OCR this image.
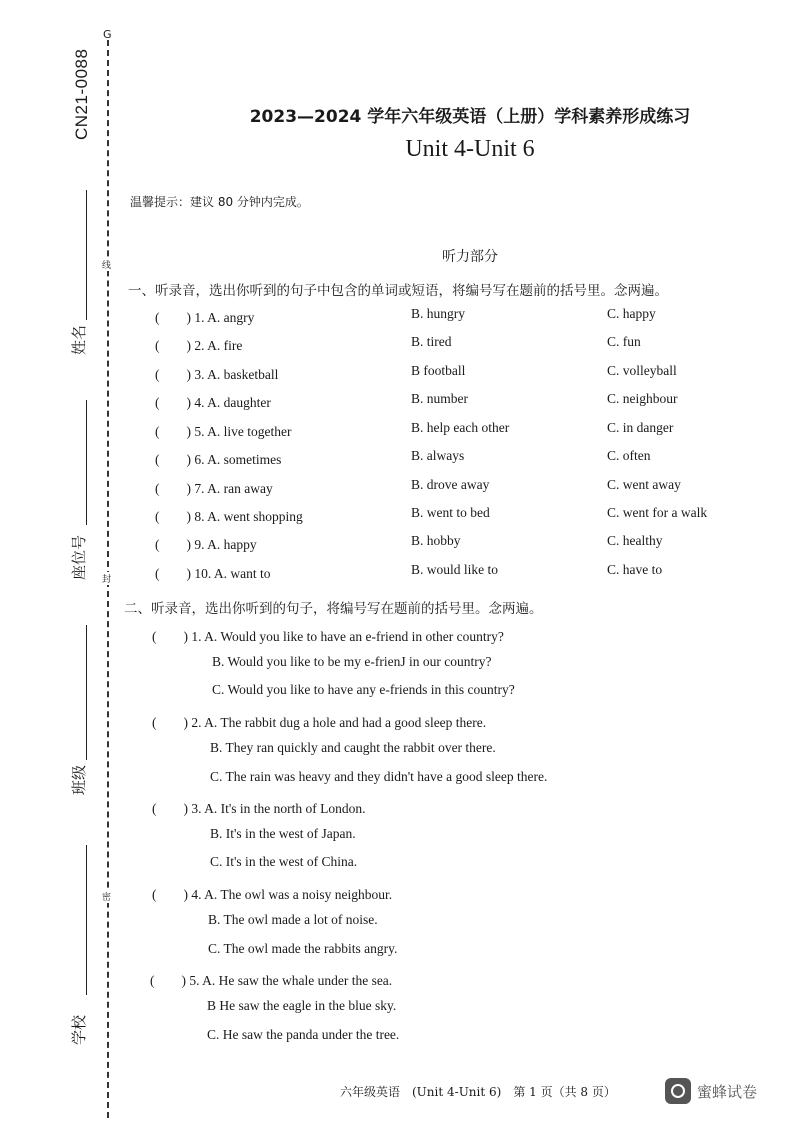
CN21-0088
G
线
封
密
姓名
座位号
班级
学校
2023—2024 学年六年级英语（上册）学科素养形成练习
Unit 4-Unit 6
温馨提示：建议 80 分钟内完成。
听力部分
一、听录音，选出你听到的句子中包含的单词或短语，将编号写在题前的括号里。念两遍。
(　　) 1. A. angry	B. hungry	C. happy
(　　) 2. A. fire	B. tired	C. fun
(　　) 3. A. basketball	B football	C. volleyball
(　　) 4. A. daughter	B. number	C. neighbour
(　　) 5. A. live together	B. help each other	C. in danger
(　　) 6. A. sometimes	B. always	C. often
(　　) 7. A. ran away	B. drove away	C. went away
(　　) 8. A. went shopping	B. went to bed	C. went for a walk
(　　) 9. A. happy	B. hobby	C. healthy
(　　) 10. A. want to	B. would like to	C. have to
二、听录音，选出你听到的句子，将编号写在题前的括号里。念两遍。
(　　) 1. A. Would you like to have an e-friend in other country?
B. Would you like to be my e-frienJ in our country?
C. Would you like to have any e-friends in this country?
(　　) 2. A. The rabbit dug a hole and had a good sleep there.
B. They ran quickly and caught the rabbit over there.
C. The rain was heavy and they didn't have a good sleep there.
(　　) 3. A. It's in the north of London.
B. It's in the west of Japan.
C. It's in the west of China.
(　　) 4. A. The owl was a noisy neighbour.
B. The owl made a lot of noise.
C. The owl made the rabbits angry.
(　　) 5. A. He saw the whale under the sea.
B He saw the eagle in the blue sky.
C. He saw the panda under the tree.
六年级英语　(Unit 4-Unit 6)　第 1 页（共 8 页）	蜜蜂试卷
